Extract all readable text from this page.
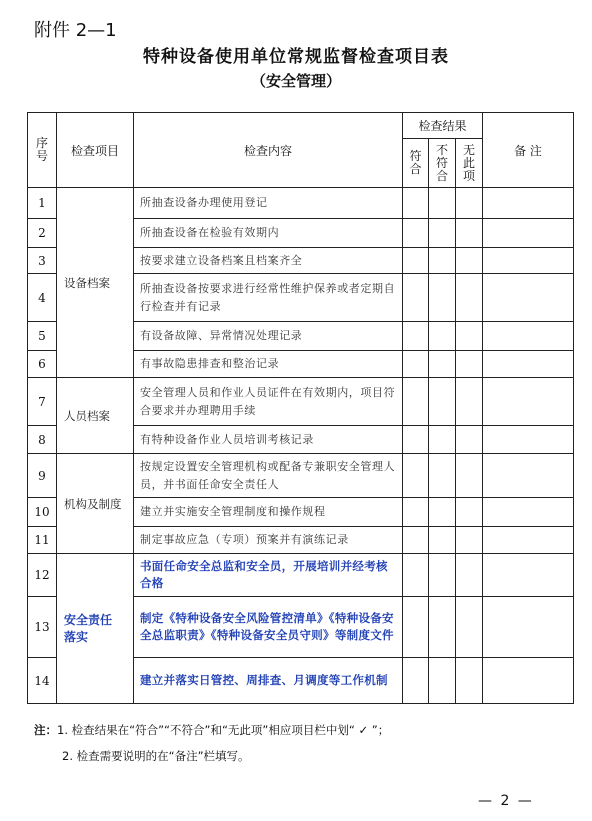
附件 2—1
特种设备使用单位常规监督检查项目表
（安全管理）
序号	检查项目	检查内容	检查结果			备 注

			符合	不符合	无此项	

1	设备档案	所抽查设备办理使用登记				
2		所抽查设备在检验有效期内				
3		按要求建立设备档案且档案齐全				
4		所抽查设备按要求进行经常性维护保养或者定期自行检查并有记录				
5		有设备故障、异常情况处理记录				
6		有事故隐患排查和整治记录				
7	人员档案	安全管理人员和作业人员证件在有效期内，项目符合要求并办理聘用手续				
8		有特种设备作业人员培训考核记录				
9	机构及制度	按规定设置安全管理机构或配备专兼职安全管理人员，并书面任命安全责任人				
10		建立并实施安全管理制度和操作规程				
11		制定事故应急（专项）预案并有演练记录				
12	安全责任落实	书面任命安全总监和安全员，开展培训并经考核合格				
13		制定《特种设备安全风险管控清单》《特种设备安全总监职责》《特种设备安全员守则》等制度文件				
14		建立并落实日管控、周排查、月调度等工作机制				
注：1. 检查结果在“符合”“不符合”和“无此项”相应项目栏中划“ ✓ ”；
2. 检查需要说明的在“备注”栏填写。
— 2 —
